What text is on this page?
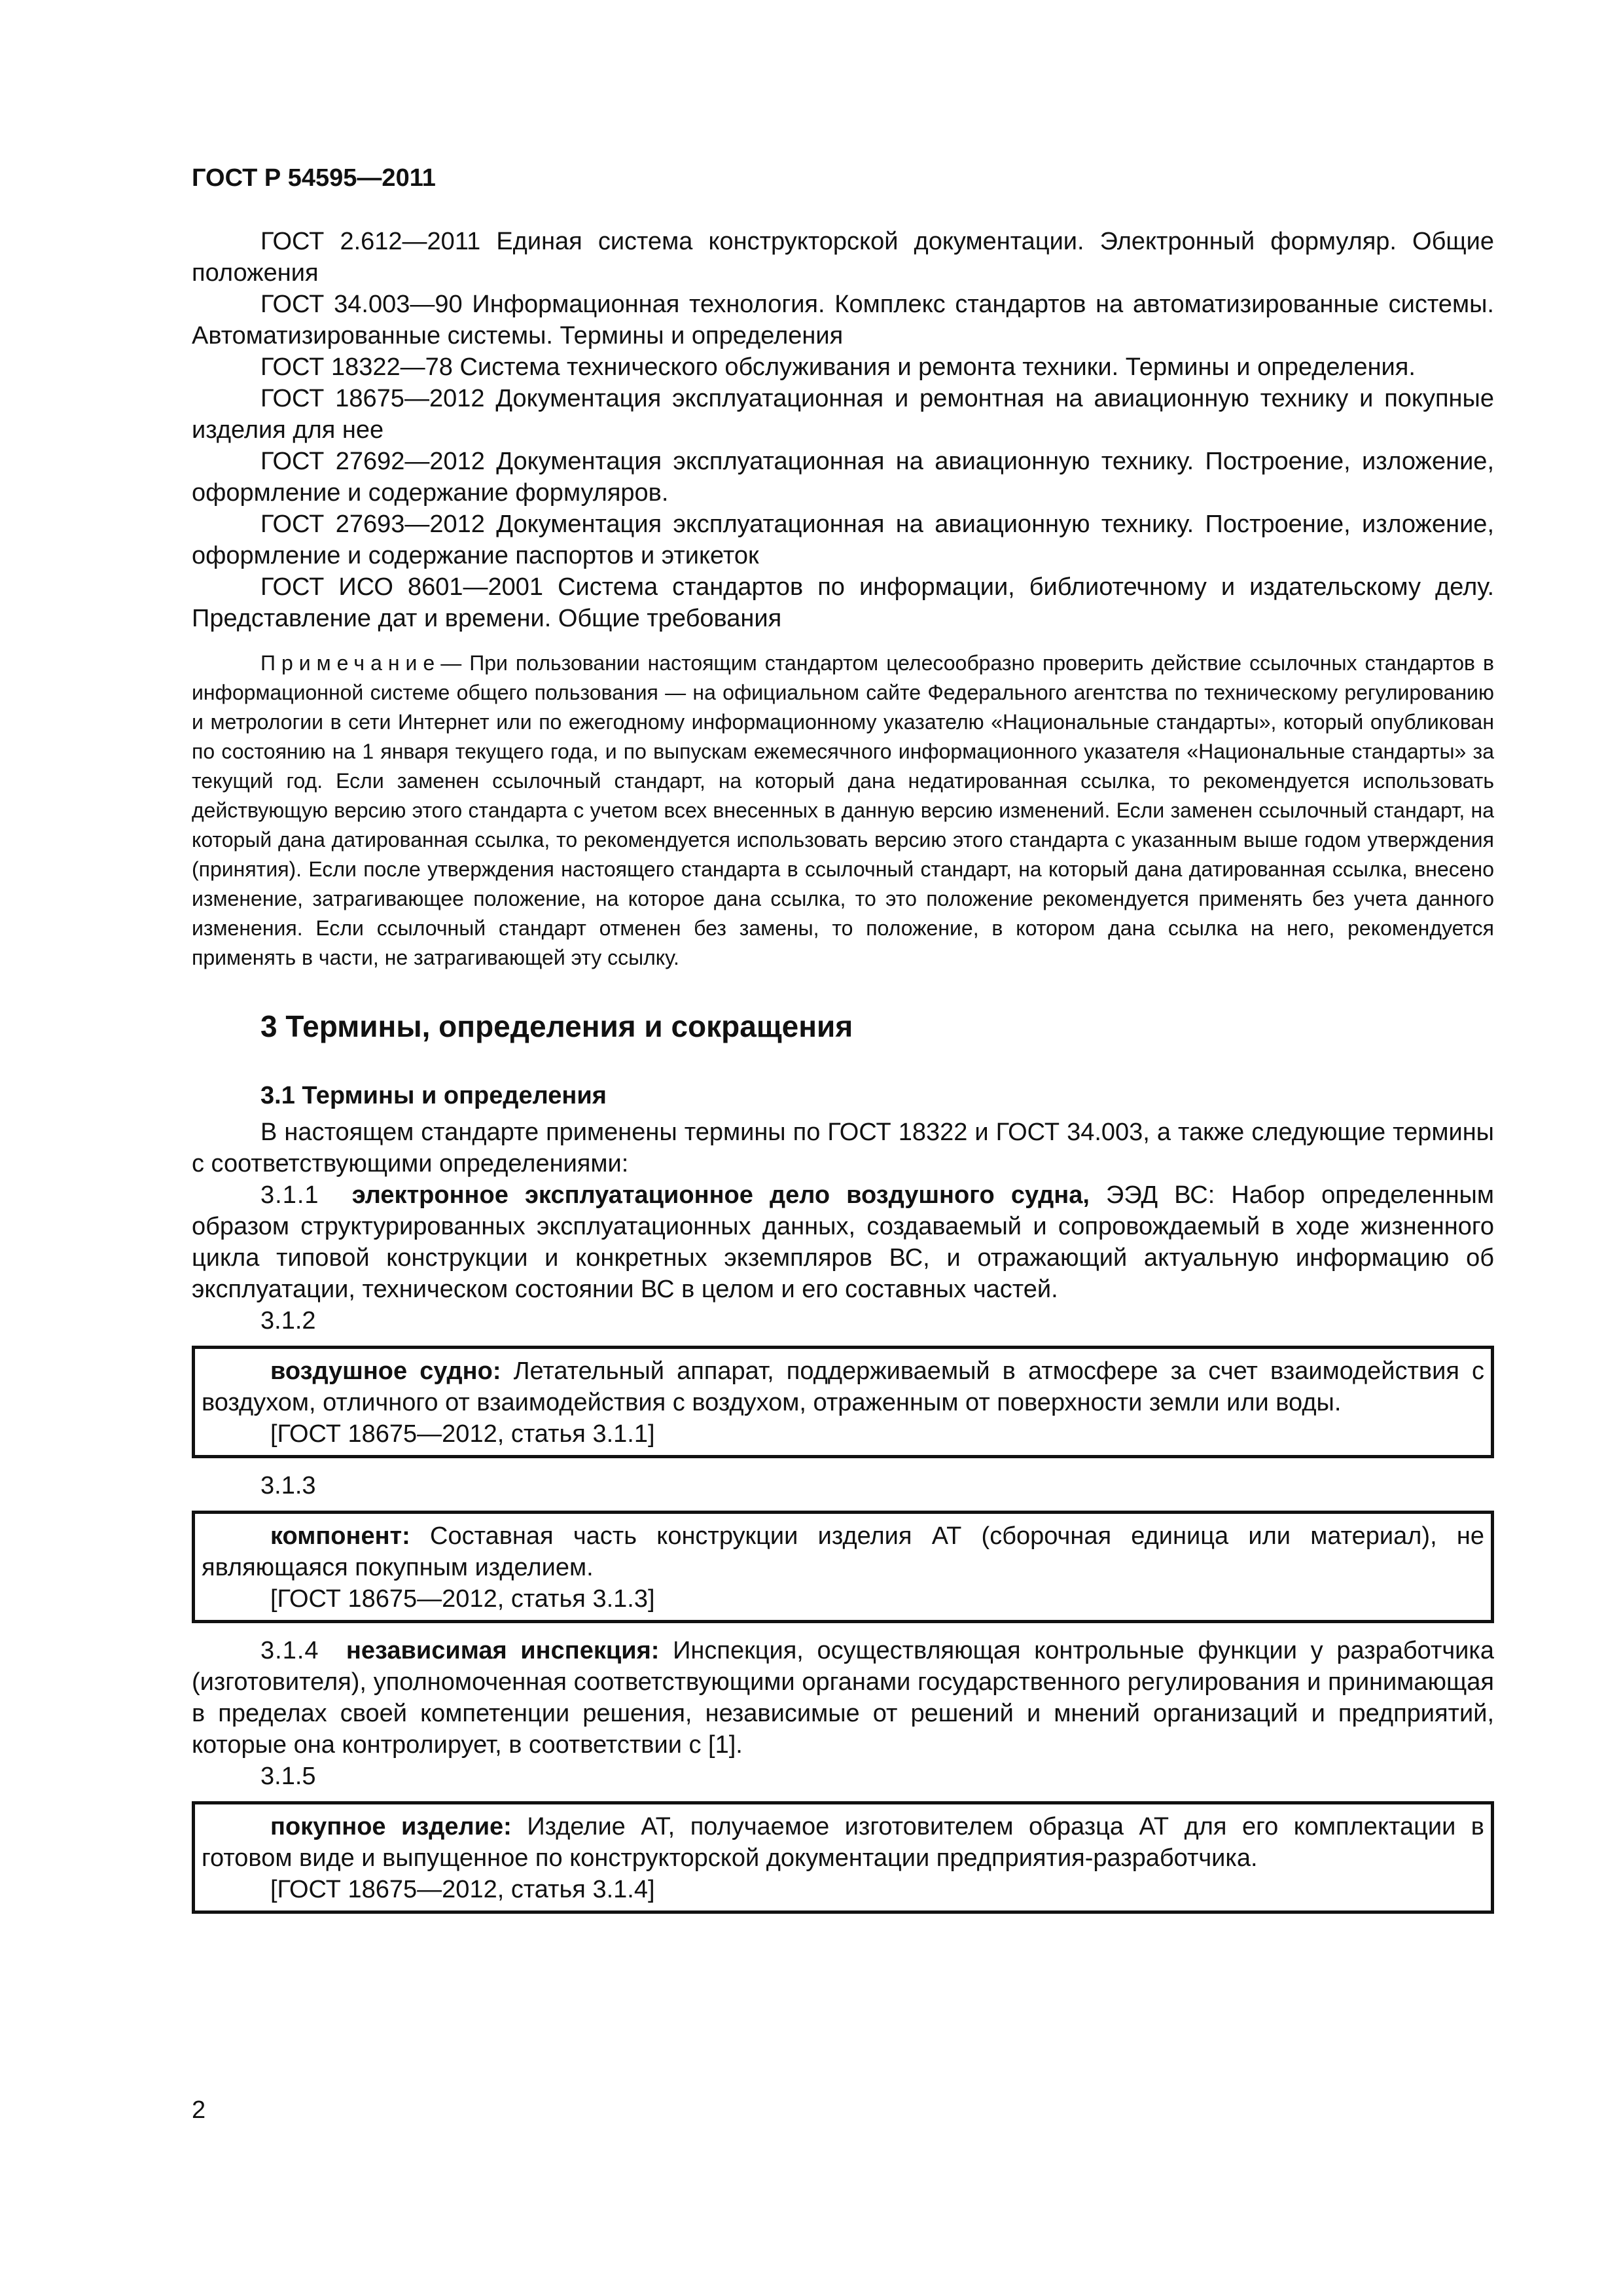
ГОСТ Р 54595—2011

ГОСТ 2.612—2011 Единая система конструкторской документации. Электронный формуляр. Общие положения

ГОСТ 34.003—90 Информационная технология. Комплекс стандартов на автоматизированные системы. Автоматизированные системы. Термины и определения

ГОСТ 18322—78 Система технического обслуживания и ремонта техники. Термины и определения.

ГОСТ 18675—2012 Документация эксплуатационная и ремонтная на авиационную технику и покупные изделия для нее

ГОСТ 27692—2012 Документация эксплуатационная на авиационную технику. Построение, изложение, оформление и содержание формуляров.

ГОСТ 27693—2012 Документация эксплуатационная на авиационную технику. Построение, изложение, оформление и содержание паспортов и этикеток

ГОСТ ИСО 8601—2001 Система стандартов по информации, библиотечному и издательскому делу. Представление дат и времени. Общие требования

Примечание— При пользовании настоящим стандартом целесообразно проверить действие ссылочных стандартов в информационной системе общего пользования — на официальном сайте Федерального агентства по техническому регулированию и метрологии в сети Интернет или по ежегодному информационному указателю «Национальные стандарты», который опубликован по состоянию на 1 января текущего года, и по выпускам ежемесячного информационного указателя «Национальные стандарты» за текущий год. Если заменен ссылочный стандарт, на который дана недатированная ссылка, то рекомендуется использовать действующую версию этого стандарта с учетом всех внесенных в данную версию изменений. Если заменен ссылочный стандарт, на который дана датированная ссылка, то рекомендуется использовать версию этого стандарта с указанным выше годом утверждения (принятия). Если после утверждения настоящего стандарта в ссылочный стандарт, на который дана датированная ссылка, внесено изменение, затрагивающее положение, на которое дана ссылка, то это положение рекомендуется применять без учета данного изменения. Если ссылочный стандарт отменен без замены, то положение, в котором дана ссылка на него, рекомендуется применять в части, не затрагивающей эту ссылку.

3 Термины, определения и сокращения
3.1 Термины и определения

В настоящем стандарте применены термины по ГОСТ 18322 и ГОСТ 34.003, а также следующие термины с соответствующими определениями:

3.1.1 электронное эксплуатационное дело воздушного судна, ЭЭД ВС: Набор определенным образом структурированных эксплуатационных данных, создаваемый и сопровождаемый в ходе жизненного цикла типовой конструкции и конкретных экземпляров ВС, и отражающий актуальную информацию об эксплуатации, техническом состоянии ВС в целом и его составных частей.

3.1.2

воздушное судно: Летательный аппарат, поддерживаемый в атмосфере за счет взаимодействия с воздухом, отличного от взаимодействия с воздухом, отраженным от поверхности земли или воды.

[ГОСТ 18675—2012, статья 3.1.1]

3.1.3

компонент: Составная часть конструкции изделия АТ (сборочная единица или материал), не являющаяся покупным изделием.

[ГОСТ 18675—2012, статья 3.1.3]

3.1.4 независимая инспекция: Инспекция, осуществляющая контрольные функции у разработчика (изготовителя), уполномоченная соответствующими органами государственного регулирования и принимающая в пределах своей компетенции решения, независимые от решений и мнений организаций и предприятий, которые она контролирует, в соответствии с [1].

3.1.5

покупное изделие: Изделие АТ, получаемое изготовителем образца АТ для его комплектации в готовом виде и выпущенное по конструкторской документации предприятия-разработчика.

[ГОСТ 18675—2012, статья 3.1.4]

2
